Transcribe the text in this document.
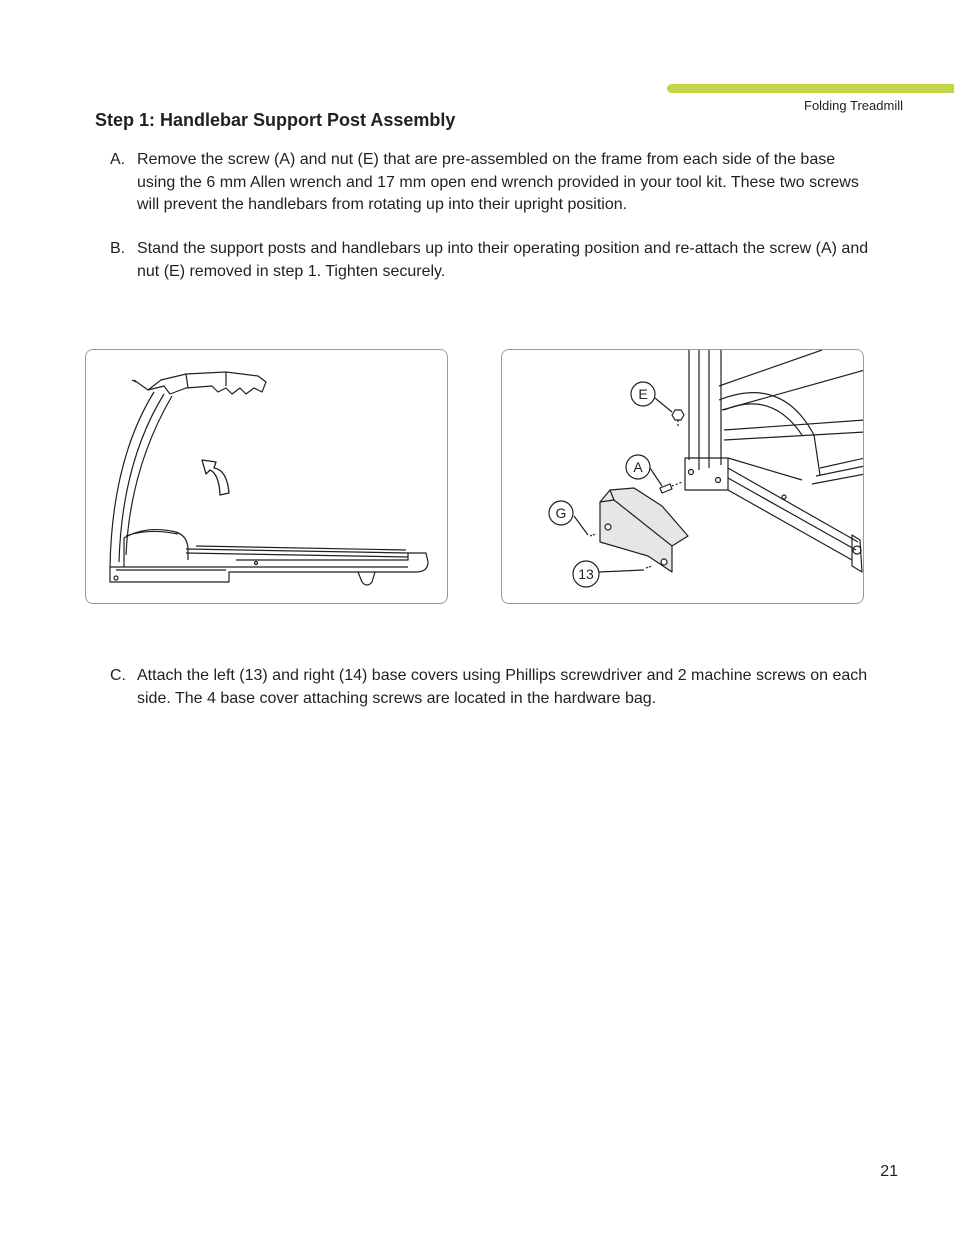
Folding Treadmill
Step 1: Handlebar Support Post Assembly
A. Remove the screw (A) and nut (E) that are pre-assembled on the frame from each side of the base using the 6 mm Allen wrench and 17 mm open end wrench provided in your tool kit. These two screws will prevent the handlebars from rotating up into their upright position.
B. Stand the support posts and handlebars up into their operating position and re-attach the screw (A) and nut (E) removed in step 1. Tighten securely.
E
A
G
13
C. Attach the left (13) and right (14) base covers using Phillips screwdriver and 2 machine screws on each side. The 4 base cover attaching screws are located in the hardware bag.
21
